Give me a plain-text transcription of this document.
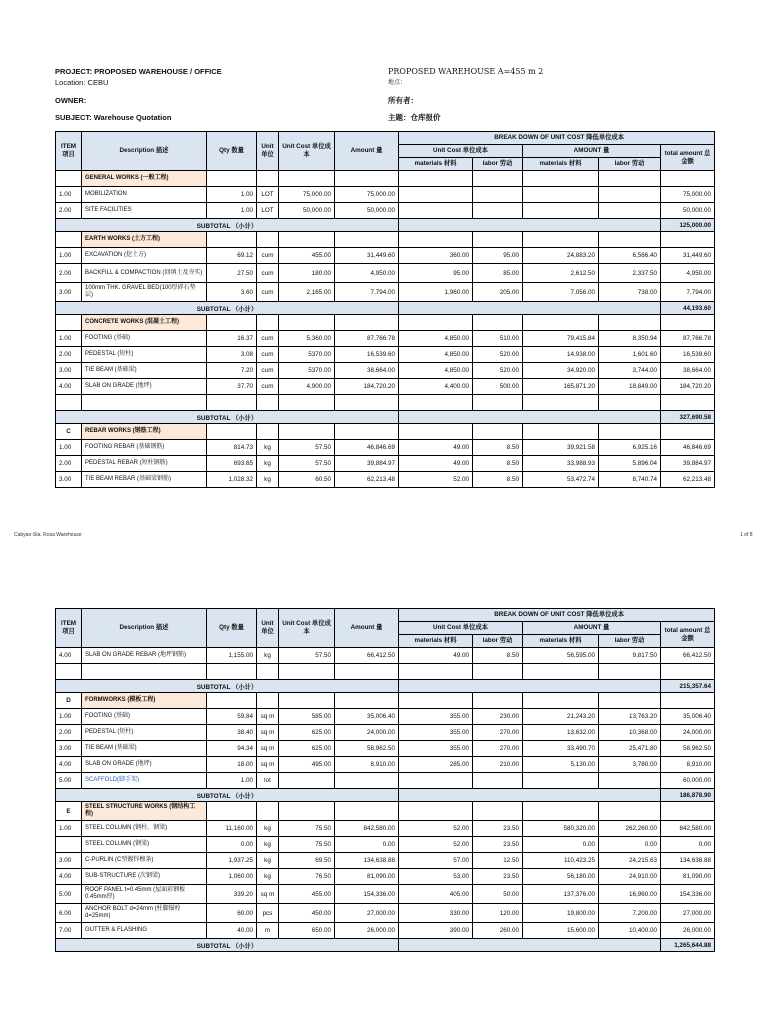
PROJECT: PROPOSED WAREHOUSE / OFFICE
Location: CEBU
OWNER:
SUBJECT: Warehouse Quotation
PROPOSED WAREHOUSE A=455 m 2
地点：
所有者：
主题：仓库报价
ITEM 项目	Description 描述	Qty 数量	Unit 单位	Unit Cost 单位成本	Amount 量	BREAK DOWN OF UNIT COST 降低单位成本				
						Unit Cost 单位成本		AMOUNT 量		total amount 总金额
						materials 材料	labor 劳动	materials 材料	labor 劳动	
	GENERAL WORKS (一般工程)									
1.00	MOBILIZATION	1.00	LOT	75,000.00	75,000.00					75,000.00
2.00	SITE FACILITIES	1.00	LOT	50,000.00	50,000.00					50,000.00
SUBTOTAL （小计）										125,000.00
	EARTH WORKS (土方工程)									
1.00	EXCAVATION (挖土方)	69.12	cum	455.00	31,449.60	360.00	95.00	24,883.20	6,566.40	31,449.60
2.00	BACKFILL & COMPACTION (回填土及夯实)	27.50	cum	180.00	4,950.00	95.00	85.00	2,612.50	2,337.50	4,950.00
3.00	100mm THK. GRAVEL BED(100厚碎石垫层)	3.60	cum	2,165.00	7,794.00	1,960.00	205.00	7,056.00	738.00	7,794.00
SUBTOTAL （小计）										44,193.60
	CONCRETE WORKS (混凝土工程)									
1.00	FOOTING (基础)	16.37	cum	5,360.00	87,766.78	4,850.00	510.00	79,415.84	8,350.94	87,766.78
2.00	PEDESTAL (短柱)	3.08	cum	5370.00	16,539.60	4,850.00	520.00	14,938.00	1,601.60	16,539.60
3.00	TIE BEAM (基础梁)	7.20	cum	5370.00	38,664.00	4,850.00	520.00	34,920.00	3,744.00	38,664.00
4.00	SLAB ON GRADE (地坪)	37.70	cum	4,900.00	184,720.20	4,400.00	500.00	165,871.20	18,849.00	184,720.20

SUBTOTAL （小计）										327,690.58
C	REBAR WORKS (钢筋工程)									
1.00	FOOTING REBAR (基础钢筋)	814.73	kg	57.50	46,846.69	49.00	8.50	39,921.58	6,925.16	46,846.69
2.00	PEDESTAL REBAR (短柱钢筋)	693.65	kg	57.50	39,884.97	49.00	8.50	33,988.93	5,896.04	39,884.97
3.00	TIE BEAM REBAR (基础梁钢筋)	1,028.32	kg	60.50	62,213.48	52.00	8.50	53,472.74	8,740.74	62,213.48
Cabyao-Sta. Rosa Warehouse	1 of 8
ITEM 项目	Description 描述	Qty 数量	Unit 单位	Unit Cost 单位成本	Amount 量	BREAK DOWN OF UNIT COST 降低单位成本				
						Unit Cost 单位成本		AMOUNT 量		total amount 总金额
						materials 材料	labor 劳动	materials 材料	labor 劳动	
4.00	SLAB ON GRADE REBAR (地坪钢筋)	1,155.00	kg	57.50	66,412.50	49.00	8.50	56,595.00	9,817.50	66,412.50

SUBTOTAL （小计）										215,357.64
D	FORMWORKS (模板工程)									
1.00	FOOTING (基础)	59.84	sq m	585.00	35,006.40	355.00	230.00	21,243.20	13,763.20	35,006.40
2.00	PEDESTAL (短柱)	38.40	sq m	625.00	24,000.00	355.00	270.00	13,632.00	10,368.00	24,000.00
3.00	TIE BEAM (基础梁)	94.34	sq m	625.00	58,962.50	355.00	270.00	33,490.70	25,471.80	58,962.50
4.00	SLAB ON GRADE (地坪)	18.00	sq m	495.00	8,910.00	285.00	210.00	5,130.00	3,780.00	8,910.00
5.00	SCAFFOLD(脚手架)	1.00	lot							60,000.00
SUBTOTAL （小计）										186,878.90
E	STEEL STRUCTURE WORKS (钢结构工程)									
1.00	STEEL COLUMN (钢柱、钢梁)	11,160.00	kg	75.50	842,580.00	52.00	23.50	580,320.00	262,260.00	842,580.00
	STEEL COLUMN (钢梁)	0.00	kg	75.50	0.00	52.00	23.50	0.00	0.00	0.00
3.00	C-PURLIN (C型镀锌檩条)	1,937.25	kg	69.50	134,638.88	57.00	12.50	110,423.25	24,215.63	134,638.88
4.00	SUB-STRUCTURE (次钢梁)	1,060.00	kg	76.50	81,090.00	53.00	23.50	56,180.00	24,910.00	81,090.00
5.00	ROOF PANEL t=0.45mm (屋面彩钢板0.45mm厚)	339.20	sq m	455.00	154,336.00	405.00	50.00	137,376.00	16,960.00	154,336.00
6.00	ANCHOR BOLT d=24mm (柱脚锚栓d=25mm)	60.00	pcs	450.00	27,000.00	330.00	120.00	19,800.00	7,200.00	27,000.00
7.00	GUTTER & FLASHING	40.00	m	650.00	26,000.00	390.00	260.00	15,600.00	10,400.00	26,000.00
SUBTOTAL （小计）										1,265,644.88
